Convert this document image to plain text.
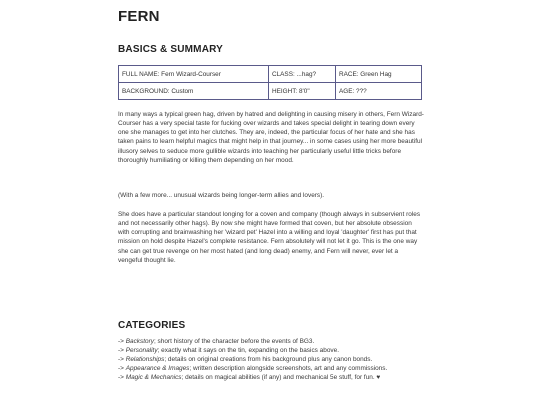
FERN
BASICS & SUMMARY
FULL NAME: Fern Wizard-Courser	CLASS: ...hag?	RACE: Green Hag
BACKGROUND: Custom	HEIGHT: 8'0"	AGE: ???
In many ways a typical green hag, driven by hatred and delighting in causing misery in others, Fern Wizard-Courser has a very special taste for fucking over wizards and takes special delight in tearing down every one she manages to get into her clutches. They are, indeed, the particular focus of her hate and she has taken pains to learn helpful magics that might help in that journey... in some cases using her more beautiful illusory selves to seduce more gullible wizards into teaching her particularly useful little tricks before thoroughly humiliating or killing them depending on her mood.
(With a few more... unusual wizards being longer-term allies and lovers).
She does have a particular standout longing for a coven and company (though always in subservient roles and not necessarily other hags). By now she might have formed that coven, but her absolute obsession with corrupting and brainwashing her 'wizard pet' Hazel into a willing and loyal 'daughter' first has put that mission on hold despite Hazel's complete resistance. Fern absolutely will not let it go. This is the one way she can get true revenge on her most hated (and long dead) enemy, and Fern will never, ever let a vengeful thought lie.
CATEGORIES
-> Backstory; short history of the character before the events of BG3.
-> Personality; exactly what it says on the tin, expanding on the basics above.
-> Relationships; details on original creations from his background plus any canon bonds.
-> Appearance & Images; written description alongside screenshots, art and any commissions.
-> Magic & Mechanics; details on magical abilities (if any) and mechanical 5e stuff, for fun. ♥
